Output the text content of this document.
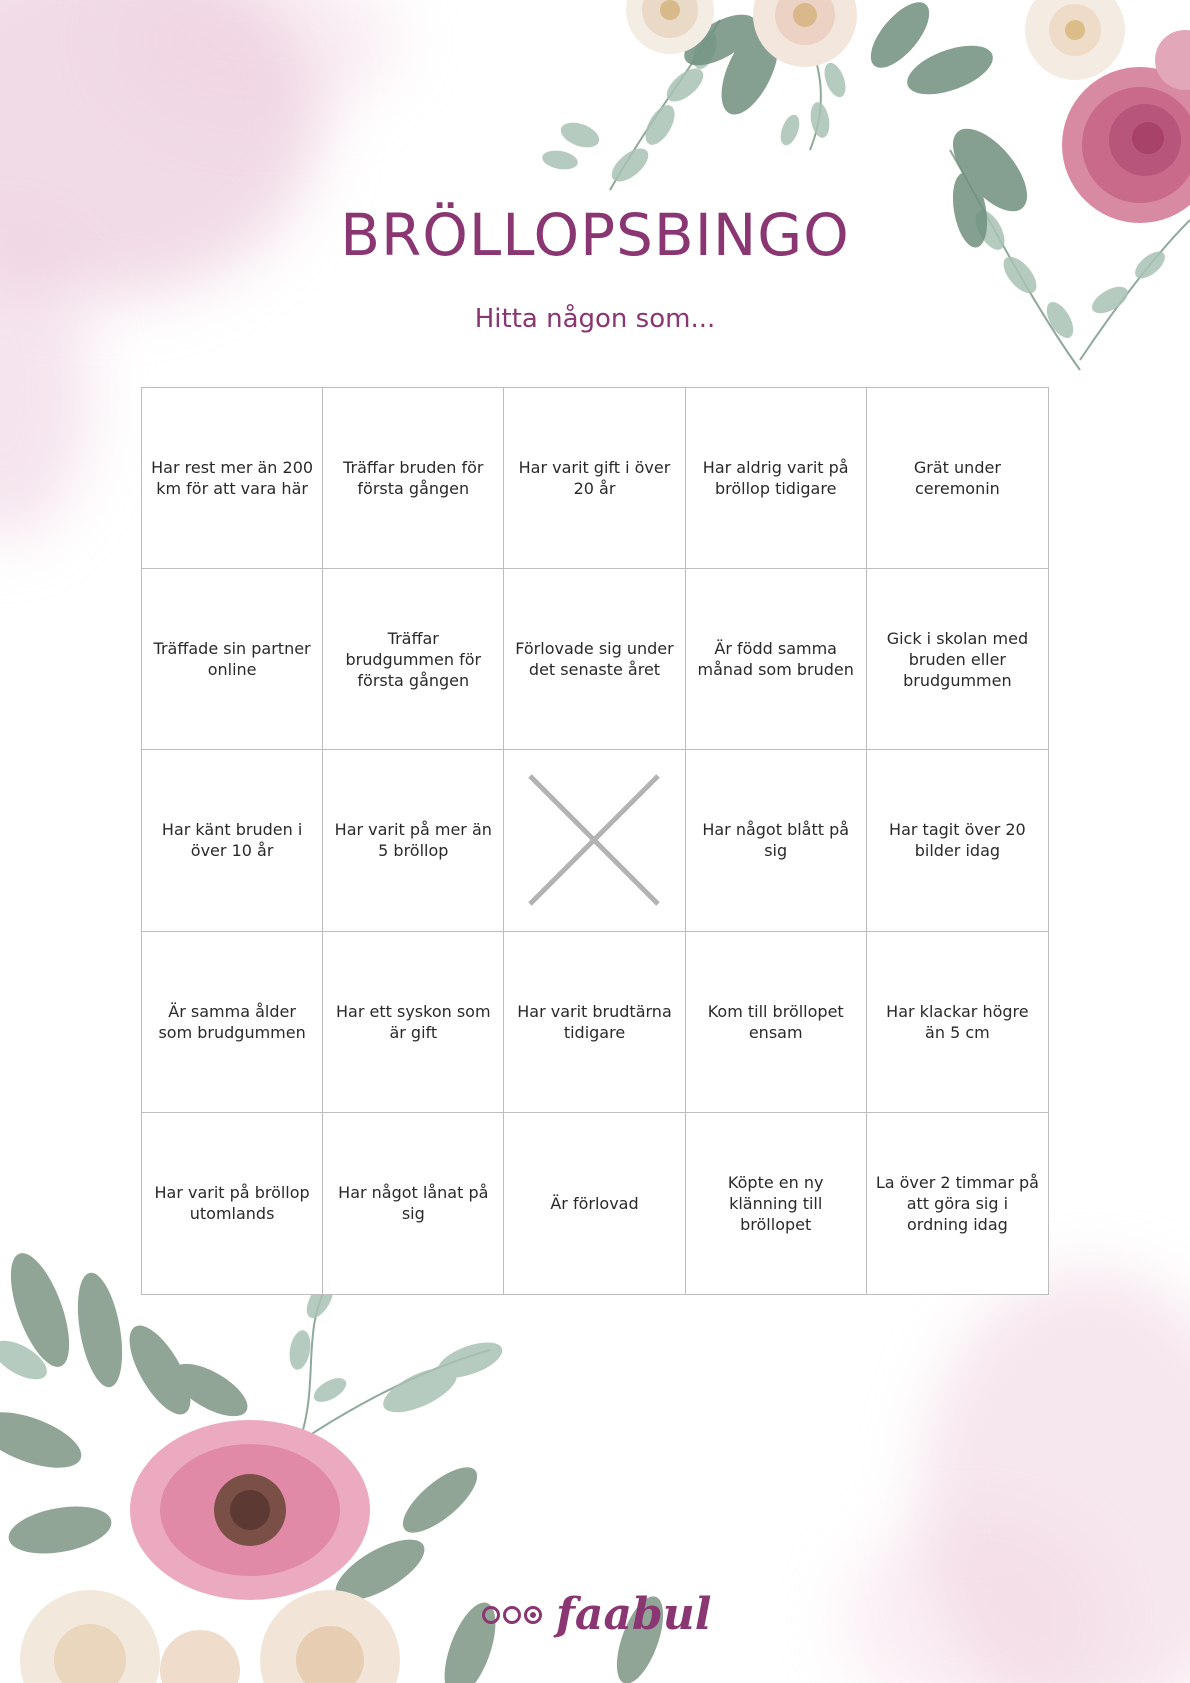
BRÖLLOPSBINGO
Hitta någon som...
Har rest mer än 200 km för att vara här
Träffar bruden för första gången
Har varit gift i över 20 år
Har aldrig varit på bröllop tidigare
Grät under ceremonin
Träffade sin partner online
Träffar brudgummen för första gången
Förlovade sig under det senaste året
Är född samma månad som bruden
Gick i skolan med bruden eller brudgummen
Har känt bruden i över 10 år
Har varit på mer än 5 bröllop
Har något blått på sig
Har tagit över 20 bilder idag
Är samma ålder som brudgummen
Har ett syskon som är gift
Har varit brudtärna tidigare
Kom till bröllopet ensam
Har klackar högre än 5 cm
Har varit på bröllop utomlands
Har något lånat på sig
Är förlovad
Köpte en ny klänning till bröllopet
La över 2 timmar på att göra sig i ordning idag
faabul
